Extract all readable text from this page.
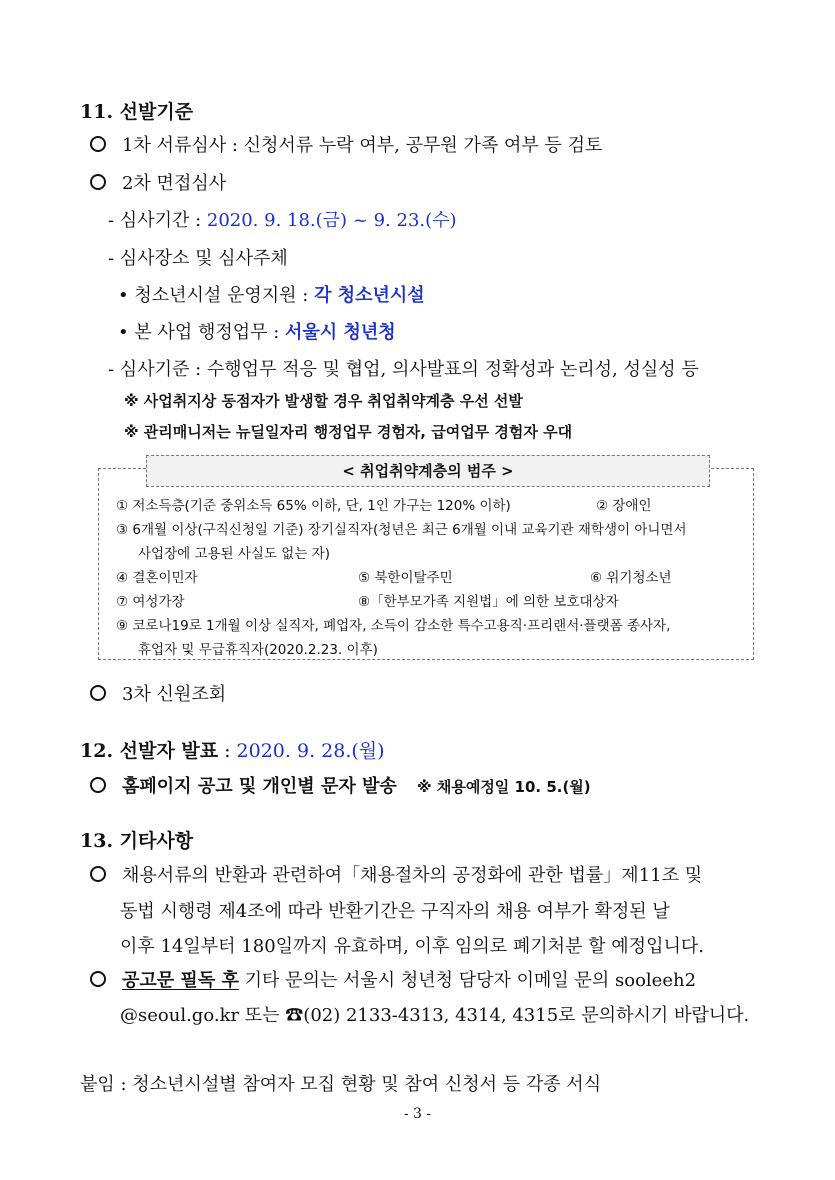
11. 선발기준
1차 서류심사 : 신청서류 누락 여부, 공무원 가족 여부 등 검토
2차 면접심사
- 심사기간 : 2020. 9. 18.(금) ~ 9. 23.(수)
- 심사장소 및 심사주체
• 청소년시설 운영지원 : 각 청소년시설
• 본 사업 행정업무 : 서울시 청년청
- 심사기준 : 수행업무 적응 및 협업, 의사발표의 정확성과 논리성, 성실성 등
※ 사업취지상 동점자가 발생할 경우 취업취약계층 우선 선발
※ 관리매니저는 뉴딜일자리 행정업무 경험자, 급여업무 경험자 우대
< 취업취약계층의 범주 >
① 저소득층(기준 중위소득 65% 이하, 단, 1인 가구는 120% 이하)	② 장애인
③ 6개월 이상(구직신청일 기준) 장기실직자(청년은 최근 6개월 이내 교육기관 재학생이 아니면서
사업장에 고용된 사실도 없는 자)
④ 결혼이민자	⑤ 북한이탈주민	⑥ 위기청소년
⑦ 여성가장	⑧「한부모가족 지원법」에 의한 보호대상자
⑨ 코로나19로 1개월 이상 실직자, 폐업자, 소득이 감소한 특수고용직·프리랜서·플랫폼 종사자,
휴업자 및 무급휴직자(2020.2.23. 이후)
3차 신원조회
12. 선발자 발표 : 2020. 9. 28.(월)
홈페이지 공고 및 개인별 문자 발송 ※ 채용예정일 10. 5.(월)
13. 기타사항
채용서류의 반환과 관련하여「채용절차의 공정화에 관한 법률」제11조 및
동법 시행령 제4조에 따라 반환기간은 구직자의 채용 여부가 확정된 날
이후 14일부터 180일까지 유효하며, 이후 임의로 폐기처분 할 예정입니다.
공고문 필독 후 기타 문의는 서울시 청년청 담당자 이메일 문의 sooleeh2
@seoul.go.kr 또는 ☎(02) 2133-4313, 4314, 4315로 문의하시기 바랍니다.
붙임 : 청소년시설별 참여자 모집 현황 및 참여 신청서 등 각종 서식
- 3 -
